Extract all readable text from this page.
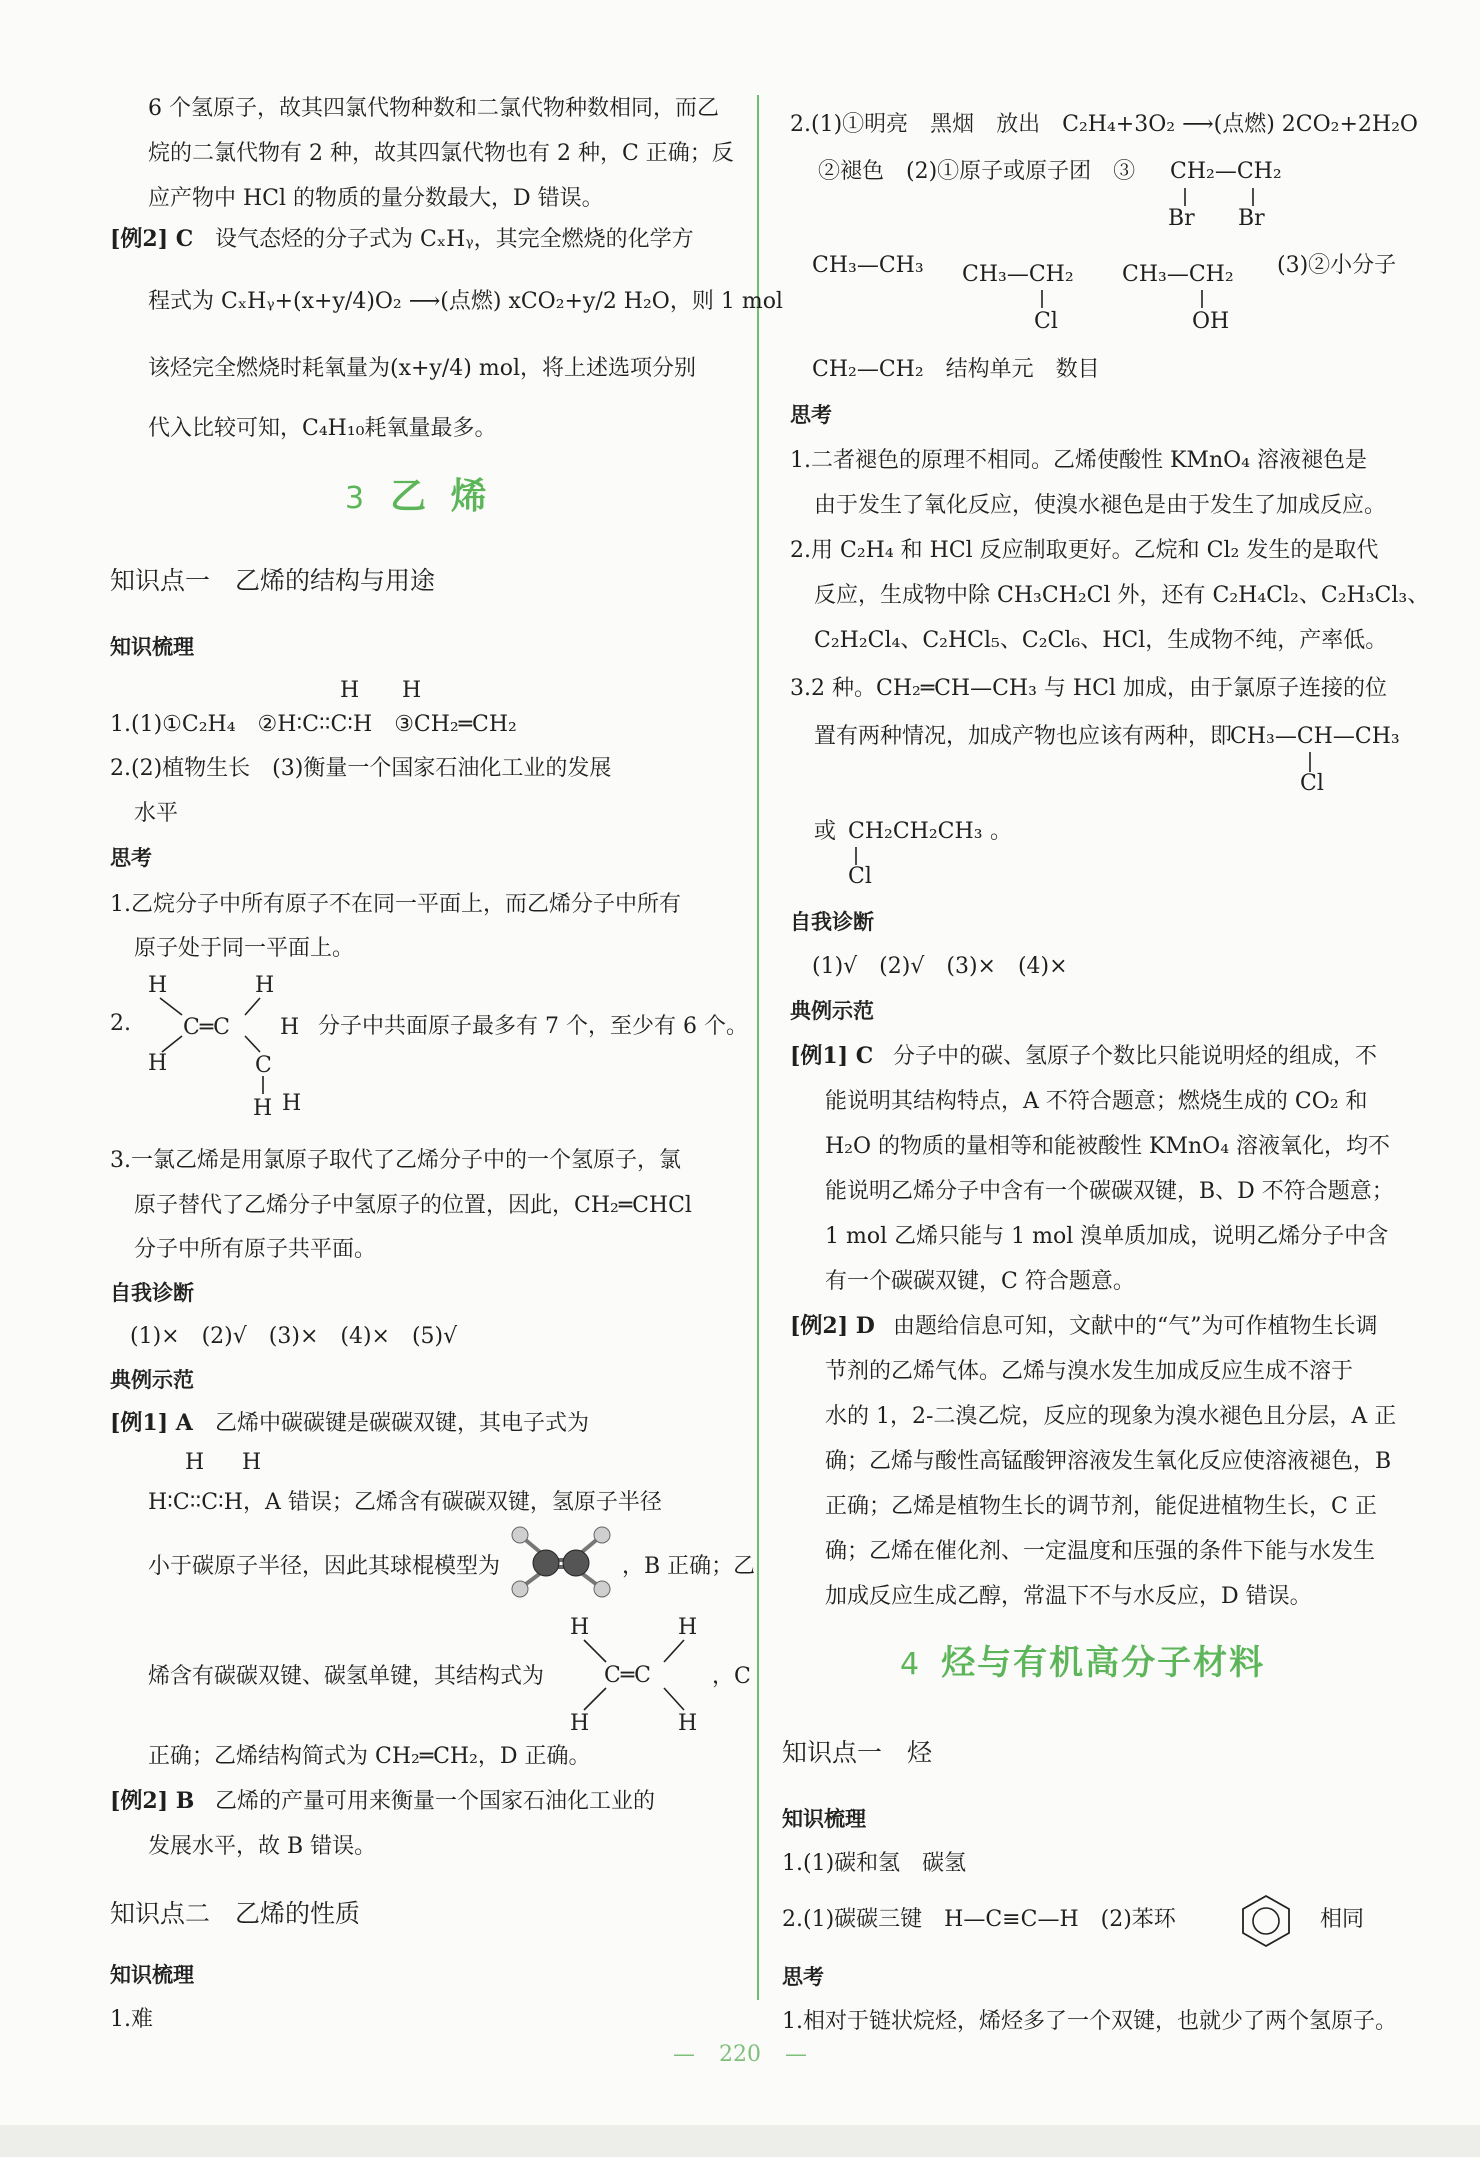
6 个氢原子，故其四氯代物种数和二氯代物种数相同，而乙
烷的二氯代物有 2 种，故其四氯代物也有 2 种，C 正确；反
应产物中 HCl 的物质的量分数最大，D 错误。
[例2] C 设气态烃的分子式为 CₓHᵧ，其完全燃烧的化学方
程式为 CₓHᵧ+(x+y/4)O₂ ⟶(点燃) xCO₂+y/2 H₂O，则 1 mol
该烃完全燃烧时耗氧量为(x+y/4) mol，将上述选项分别
代入比较可知，C₄H₁₀耗氧量最多。
3 乙 烯
知识点一　乙烯的结构与用途
知识梳理
1.(1)①C₂H₄　②H∶C∶∶C∶H　③CH₂═CH₂
H H
2.(2)植物生长　(3)衡量一个国家石油化工业的发展
水平
思考
1.乙烷分子中所有原子不在同一平面上，而乙烯分子中所有
原子处于同一平面上。
2.
H	H
C═C
H	C
H
H H
分子中共面原子最多有 7 个，至少有 6 个。
3.一氯乙烯是用氯原子取代了乙烯分子中的一个氢原子，氯
原子替代了乙烯分子中氢原子的位置，因此，CH₂═CHCl
分子中所有原子共平面。
自我诊断
(1)×　(2)√　(3)×　(4)×　(5)√
典例示范
[例1] A 乙烯中碳碳键是碳碳双键，其电子式为
H H
H∶C∶∶C∶H，A 错误；乙烯含有碳碳双键，氢原子半径
小于碳原子半径，因此其球棍模型为	，B 正确；乙
烯含有碳碳双键、碳氢单键，其结构式为
H	H
C═C
H	H
，C
正确；乙烯结构简式为 CH₂═CH₂，D 正确。
[例2] B 乙烯的产量可用来衡量一个国家石油化工业的
发展水平，故 B 错误。
知识点二　乙烯的性质
知识梳理
1.难
2.(1)①明亮　黑烟　放出　C₂H₄+3O₂ ⟶(点燃) 2CO₂+2H₂O
②褪色　(2)①原子或原子团　③ CH₂—CH₂
Br Br
CH₃—CH₃ CH₃—CH₂
Cl
CH₃—CH₂
OH
(3)②小分子
CH₂—CH₂　结构单元　数目
思考
1.二者褪色的原理不相同。乙烯使酸性 KMnO₄ 溶液褪色是
由于发生了氧化反应，使溴水褪色是由于发生了加成反应。
2.用 C₂H₄ 和 HCl 反应制取更好。乙烷和 Cl₂ 发生的是取代
反应，生成物中除 CH₃CH₂Cl 外，还有 C₂H₄Cl₂、C₂H₃Cl₃、
C₂H₂Cl₄、C₂HCl₅、C₂Cl₆、HCl，生成物不纯，产率低。
3.2 种。CH₂═CH—CH₃ 与 HCl 加成，由于氯原子连接的位
置有两种情况，加成产物也应该有两种，即
CH₃—CH—CH₃
Cl
或 CH₂CH₂CH₃ 。
Cl
自我诊断
(1)√　(2)√　(3)×　(4)×
典例示范
[例1] C 分子中的碳、氢原子个数比只能说明烃的组成，不
能说明其结构特点，A 不符合题意；燃烧生成的 CO₂ 和
H₂O 的物质的量相等和能被酸性 KMnO₄ 溶液氧化，均不
能说明乙烯分子中含有一个碳碳双键，B、D 不符合题意；
1 mol 乙烯只能与 1 mol 溴单质加成，说明乙烯分子中含
有一个碳碳双键，C 符合题意。
[例2] D 由题给信息可知，文献中的“气”为可作植物生长调
节剂的乙烯气体。乙烯与溴水发生加成反应生成不溶于
水的 1，2-二溴乙烷，反应的现象为溴水褪色且分层，A 正
确；乙烯与酸性高锰酸钾溶液发生氧化反应使溶液褪色，B
正确；乙烯是植物生长的调节剂，能促进植物生长，C 正
确；乙烯在催化剂、一定温度和压强的条件下能与水发生
加成反应生成乙醇，常温下不与水反应，D 错误。
4 烃与有机高分子材料
知识点一　烃
知识梳理
1.(1)碳和氢　碳氢
2.(1)碳碳三键　H—C≡C—H　(2)苯环	相同
思考
1.相对于链状烷烃，烯烃多了一个双键，也就少了两个氢原子。
— 220 —
